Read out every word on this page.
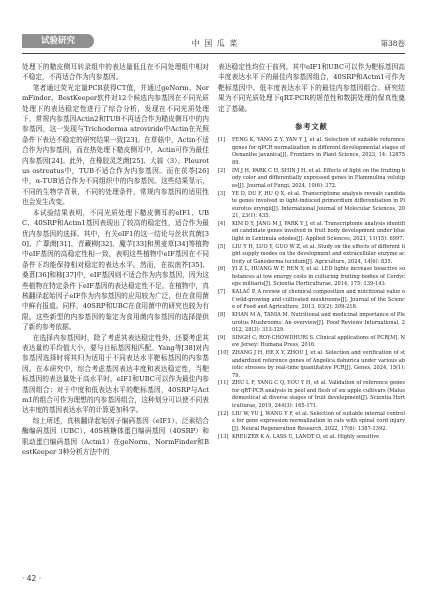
试验研究	中 国 瓜 菜	第38卷

处理下的糙皮侧耳转录组中的表达量低且在不同处理组中相对不稳定，不再适合作为内参基因。

笔者通过荧光定量PCR获得CT值，并通过geNorm、NormFinder、BestKeeper软件对12个候选内参基因在不同光质处理下的表达稳定性进行了综合分析，发现在不同光质处理下，常规内参基因Actin2和TUB不再适合作为糙皮侧耳中的内参基因，这一发现与Trichoderma atroviride中Actin在光照条件下表达不稳定的研究结果一致[23]。在草菇中，Actin不适合作为内参基因，而在热处理下糙皮侧耳中，Actin可作为最佳内参基因[24]。此外，在橡胶灵芝菌[25]、大蒜（3）、Pleurotus ostreatus中，TUB不适合作为内参基因。而在茯苓[26]中，α-TUB适合作为不同组织中的内参基因。这些结果显示，不同的生物学背景，不同的处理条件，常规内参基因的适用性也会发生改变。

本试验结果表明，不同光质处理下糙皮侧耳的eIF1、UBC、40SRP和Actm1基因表现出了较高的稳定性，适合作为最优内参基因的选择。其中，有关eIF1的这一结论与丝状真菌[30]、广蕈菌[31]、青藏柳[32]、魔芋[33]和黑麦草[34]等植物中eIF基因的高稳定性相一致，表明这些植物中eIF基因在不同条件下均能保持相对稳定的表达水平。然而，在拟南芥[35]、桑葚[36]和柿[37]中，eIF基因则不适合作为内参基因，因为这些植物在特定条件下eIF基因的表达稳定性不足。在植物中，真核翻译起始因子eIF作为内参基因的应用较为广泛，但在食用菌中鲜有报道。同样，40SRP和UBC在食用菌中的研究也较为有限。这些新型的内参基因的鉴定为食用菌内参基因的选择提供了新的参考依据。

在选择内参基因时，除了考虑其表达稳定性外，还要考虑其表达量的平均值大小，要与目标基因相匹配。Yang等[38]对内参基因选择时将其归为适用于不同表达水平靶标基因的内参基因。在本研究中，综合考虑基因表达丰度和表达稳定性，当靶标基因的表达量处于高水平时，eIF1和UBC可以作为最佳内参基因组合；对于中度和低表达水平的靶标基因，40SRP与Actm1的组合可作为理想的内参基因组合，这种划分可以使不同表达丰度的基因表达水平的计算更加科学。

综上所述，真核翻译起始因子编码基因（eIF1）、泛素结合酶编码基因（UBC）、40S核糖体蛋白编码基因（40SRP）和肌动蛋白编码基因（Actm1）在geNorm、NormFinder和BestKeeper 3种分析方法中的

表达稳定性均位于前列。其中eIF1和UBC可以作为靶标基因高丰度表达水平下的最佳内参基因组合，40SRP和Actm1可作为靶标基因中、低丰度表达水平下的最佳内参基因组合。研究结果为不同光质处理下qRT-PCR的规范性和数据处理的保真性奠定了基础。

参考文献
[1] FENG K, YANG Z Y, YAN Y J, et al. Selection of suitable reference genes for qPCR normalization in different developmental stages of Oenanthe javanica[J]. Frontiers in Plant Science, 2023, 14: 1287589.
[2] IM J H, PARK C H, SHIN J H, et al. Effects of light on the fruiting body color and differentially expressed genes in Flammulina velutipes[J]. Journal of Fungi, 2024, 10(6): 372.
[3] YE D, DU F, HU Q X, et al. Transcriptome analysis reveals candidate genes involved in light-induced primordium differentiation in Pleurotus eryngii[J]. International Journal of Molecular Sciences, 2021, 23(1): 435.
[4] KIM D Y, JANG M J, PARK Y J, et al. Transcriptome analysis identified candidate genes involved in fruit body development under blue light in Lentinula edodes[J]. Applied Sciences, 2021, 11(15): 6997.
[5] LIU Y H, LUO Y, GUO W Z, et al. Study on the effects of different light supply modes on the development and extracellular enzyme activity of Ganoderma lucidum[J]. Agriculture, 2024, 14(6): 835.
[6] YI Z L, HUANG W F, REN Y, et al. LED lights increase bioactive substances at low energy costs in culturing fruiting bodies of Cordyceps militaris[J]. Scientia Horticulturae, 2014, 175: 139-143.
[7] KALAČ P. A review of chemical composition and nutritional value of wild-growing and cultivated mushrooms[J]. Journal of the Science of Food and Agriculture, 2013, 93(2): 209-218.
[8] KHAN M A, TANIA M. Nutritional and medicinal importance of Pleurotus Mushrooms: An overview[J]. Food Reviews International, 2012, 28(3): 313-329.
[9] SINGH C, ROY-CHOWDHURI S. Clinical applications of PCR[M]. New Jersey: Humana Press, 2016.
[10] ZHANG J H, HE X Y, ZHOU J, et al. Selection and verification of standardized reference genes of Angelica dahurica under various abiotic stresses by real-time quantitative PCR[J]. Genes, 2024, 15(1): 79.
[11] ZHU L F, YANG C Q, YOU Y H, et al. Validation of reference genes for qRT-PCR analysis in peel and flesh of six apple cultivars (Malus domestica) at diverse stages of fruit development[J]. Scientia Horticulturae, 2019, 244(3): 165-171.
[12] LIU W, YU J, WANG Y F, et al. Selection of suitable internal controls for gene expression normalization in rats with spinal cord injury[J]. Neural Regeneration Research, 2022, 17(6): 1387-1392.
[13] KREUZER K A, LASS U, LANDT O, et al. Highly sensitive
· 42 ·
